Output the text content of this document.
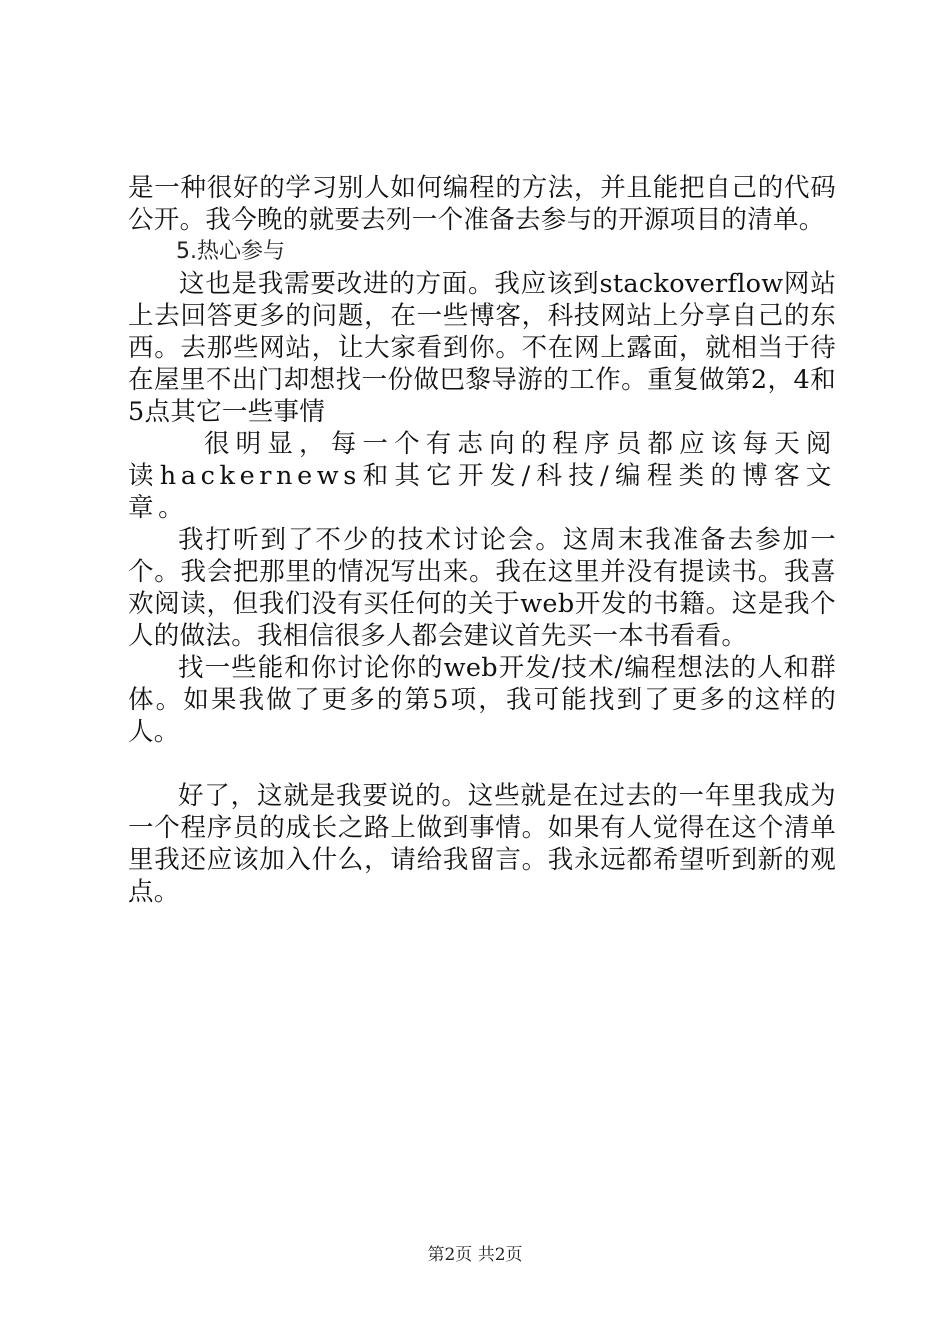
是一种很好的学习别人如何编程的方法，并且能把自己的代码公开。我今晚的就要去列一个准备去参与的开源项目的清单。

5.热心参与

这也是我需要改进的方面。我应该到stackoverflow网站上去回答更多的问题，在一些博客，科技网站上分享自己的东西。去那些网站，让大家看到你。不在网上露面，就相当于待在屋里不出门却想找一份做巴黎导游的工作。重复做第2，4和5点其它一些事情

很明显，每一个有志向的程序员都应该每天阅读hackernews和其它开发/科技/编程类的博客文章。

我打听到了不少的技术讨论会。这周末我准备去参加一个。我会把那里的情况写出来。我在这里并没有提读书。我喜欢阅读，但我们没有买任何的关于web开发的书籍。这是我个人的做法。我相信很多人都会建议首先买一本书看看。

找一些能和你讨论你的web开发/技术/编程想法的人和群体。如果我做了更多的第5项，我可能找到了更多的这样的人。

好了，这就是我要说的。这些就是在过去的一年里我成为一个程序员的成长之路上做到事情。如果有人觉得在这个清单里我还应该加入什么，请给我留言。我永远都希望听到新的观点。

第2页 共2页
